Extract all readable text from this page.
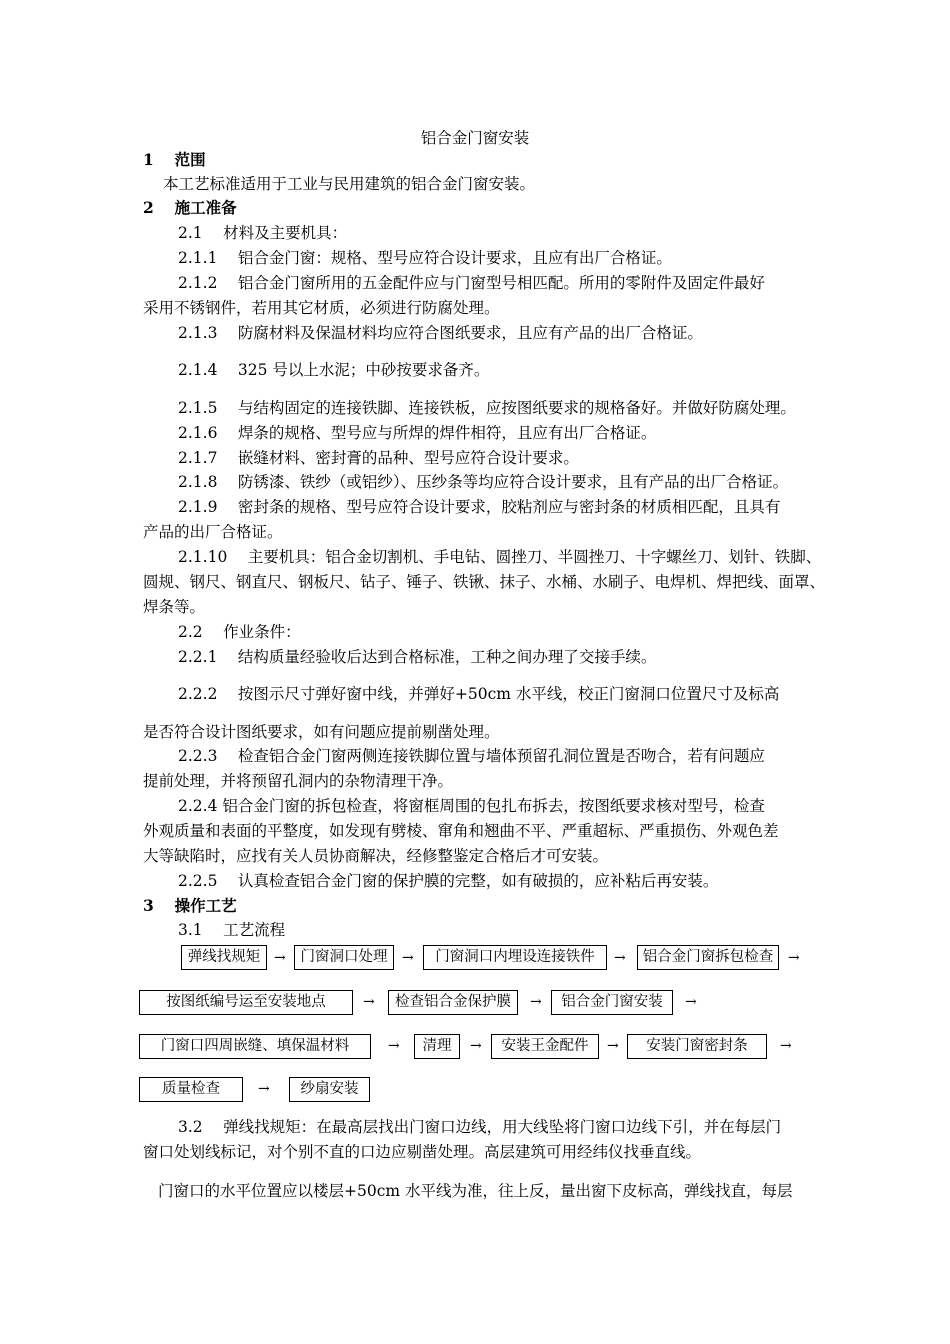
铝合金门窗安装
1　 范围
本工艺标准适用于工业与民用建筑的铝合金门窗安装。
2　 施工准备
2.1　 材料及主要机具：
2.1.1　 铝合金门窗：规格、型号应符合设计要求，且应有出厂合格证。
2.1.2　 铝合金门窗所用的五金配件应与门窗型号相匹配。所用的零附件及固定件最好
采用不锈钢件，若用其它材质，必须进行防腐处理。
2.1.3　 防腐材料及保温材料均应符合图纸要求，且应有产品的出厂合格证。
2.1.4　 325 号以上水泥；中砂按要求备齐。
2.1.5　 与结构固定的连接铁脚、连接铁板，应按图纸要求的规格备好。并做好防腐处理。
2.1.6　 焊条的规格、型号应与所焊的焊件相符，且应有出厂合格证。
2.1.7　 嵌缝材料、密封膏的品种、型号应符合设计要求。
2.1.8　 防锈漆、铁纱（或铝纱）、压纱条等均应符合设计要求，且有产品的出厂合格证。
2.1.9　 密封条的规格、型号应符合设计要求，胶粘剂应与密封条的材质相匹配，且具有
产品的出厂合格证。
2.1.10　 主要机具：铝合金切割机、手电钻、圆挫刀、半圆挫刀、十字螺丝刀、划针、铁脚、
圆规、钢尺、钢直尺、钢板尺、钻子、锤子、铁锹、抹子、水桶、水刷子、电焊机、焊把线、面罩、
焊条等。
2.2　 作业条件：
2.2.1　 结构质量经验收后达到合格标准，工种之间办理了交接手续。
2.2.2　 按图示尺寸弹好窗中线，并弹好+50cm 水平线，校正门窗洞口位置尺寸及标高
是否符合设计图纸要求，如有问题应提前剔凿处理。
2.2.3　 检查铝合金门窗两侧连接铁脚位置与墙体预留孔洞位置是否吻合，若有问题应
提前处理，并将预留孔洞内的杂物清理干净。
2.2.4 铝合金门窗的拆包检查，将窗框周围的包扎布拆去，按图纸要求核对型号，检查
外观质量和表面的平整度，如发现有劈棱、窜角和翘曲不平、严重超标、严重损伤、外观色差
大等缺陷时，应找有关人员协商解决，经修整鉴定合格后才可安装。
2.2.5　 认真检查铝合金门窗的保护膜的完整，如有破损的，应补粘后再安装。
3　 操作工艺
3.1　 工艺流程
弹线找规矩 →	门窗洞口处理	→	门窗洞口内埋设连接铁件	→	铝合金门窗拆包检查	→
按图纸编号运至安装地点	→	检查铝合金保护膜	→	铝合金门窗安装	→
门窗口四周嵌缝、填保温材料	→	清理	→	安装王金配件	→	安装门窗密封条	→
质量检查	→	纱扇安装
3.2　 弹线找规矩：在最高层找出门窗口边线，用大线坠将门窗口边线下引，并在每层门
窗口处划线标记，对个别不直的口边应剔凿处理。高层建筑可用经纬仪找垂直线。
门窗口的水平位置应以楼层+50cm 水平线为准，往上反，量出窗下皮标高，弹线找直，每层
